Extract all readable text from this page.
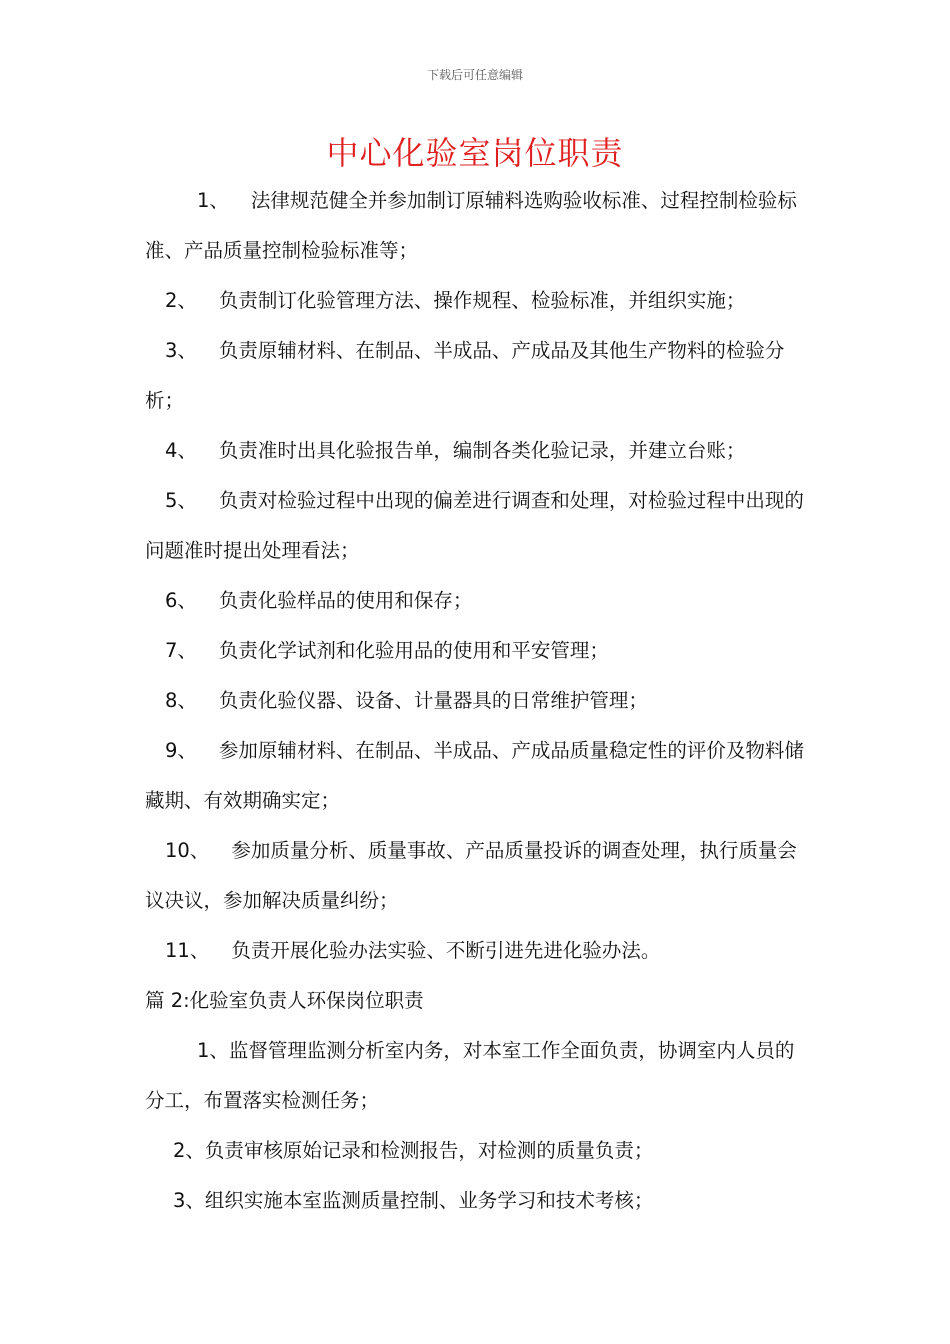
下载后可任意编辑
中心化验室岗位职责

1、 法律规范健全并参加制订原辅料选购验收标准、过程控制检验标准、产品质量控制检验标准等；

2、 负责制订化验管理方法、操作规程、检验标准，并组织实施；

3、 负责原辅材料、在制品、半成品、产成品及其他生产物料的检验分析；

4、 负责准时出具化验报告单，编制各类化验记录，并建立台账；

5、 负责对检验过程中出现的偏差进行调查和处理，对检验过程中出现的问题准时提出处理看法；

6、 负责化验样品的使用和保存；

7、 负责化学试剂和化验用品的使用和平安管理；

8、 负责化验仪器、设备、计量器具的日常维护管理；

9、 参加原辅材料、在制品、半成品、产成品质量稳定性的评价及物料储藏期、有效期确实定；

10、 参加质量分析、质量事故、产品质量投诉的调查处理，执行质量会议决议，参加解决质量纠纷；

11、 负责开展化验办法实验、不断引进先进化验办法。

篇 2:化验室负责人环保岗位职责

1、监督管理监测分析室内务，对本室工作全面负责，协调室内人员的分工，布置落实检测任务；

2、负责审核原始记录和检测报告，对检测的质量负责；

3、组织实施本室监测质量控制、业务学习和技术考核；
